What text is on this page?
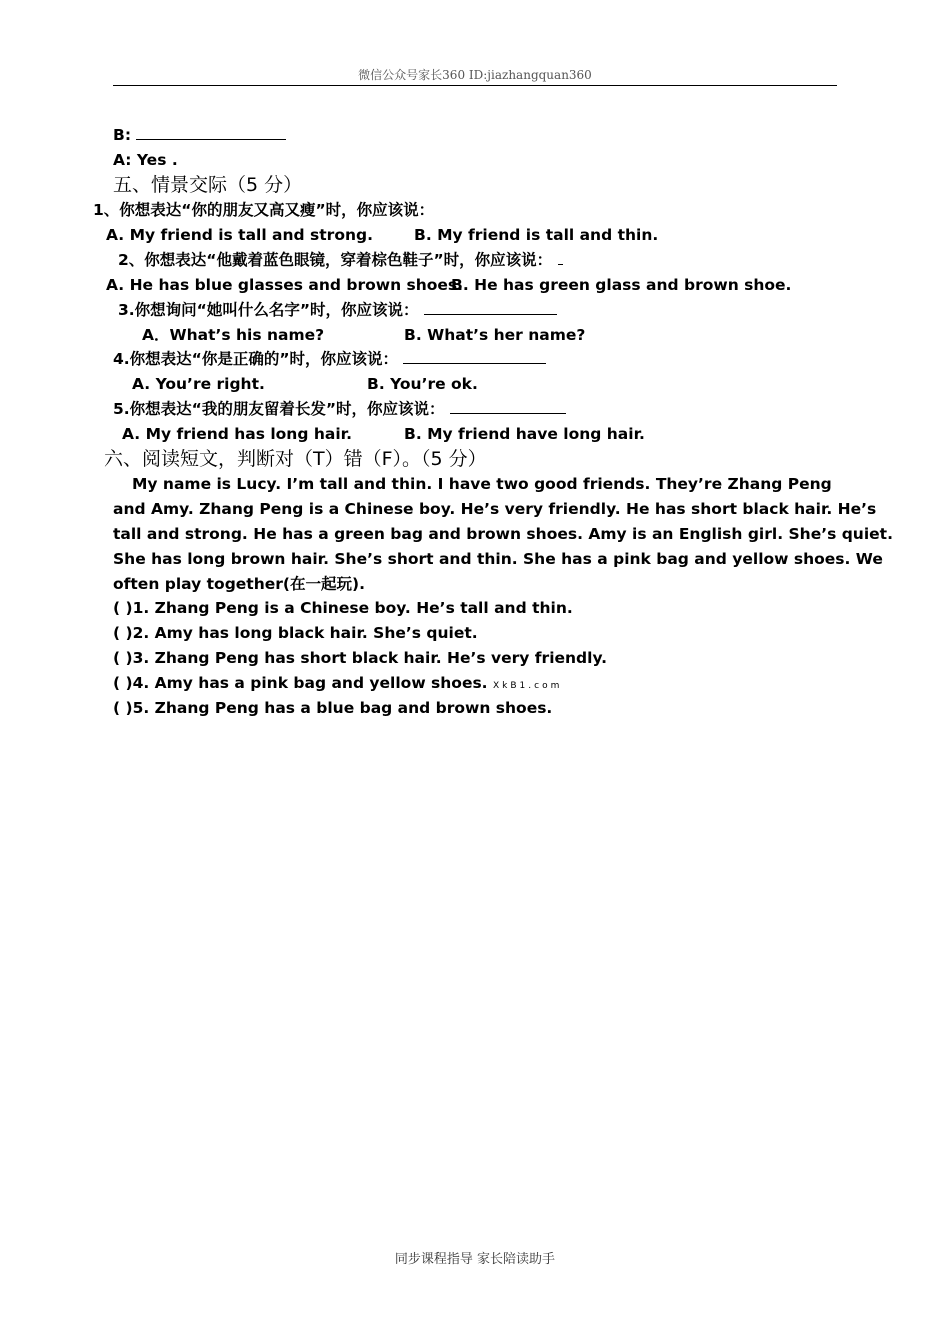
微信公众号家长360 ID:jiazhangquan360
B:
A: Yes .
五、情景交际（5 分）
1、你想表达“你的朋友又高又瘦”时，你应该说：
A. My friend is tall and strong.	B. My friend is tall and thin.
2、你想表达“他戴着蓝色眼镜，穿着棕色鞋子”时，你应该说：
A. He has blue glasses and brown shoes.
B. He has green glass and brown shoe.
3.你想询问“她叫什么名字”时，你应该说：
A．What’s his name?	B. What’s her name?
4.你想表达“你是正确的”时，你应该说：
A. You’re right.	B. You’re ok.
5.你想表达“我的朋友留着长发”时，你应该说：
A. My friend has long hair.	B. My friend have long hair.
六、阅读短文，判断对（T）错（F）。（5 分）
My name is Lucy. I’m tall and thin. I have two good friends. They’re Zhang Peng
and Amy. Zhang Peng is a Chinese boy. He’s very friendly. He has short black hair. He’s
tall and strong. He has a green bag and brown shoes. Amy is an English girl. She’s quiet.
She has long brown hair. She’s short and thin. She has a pink bag and yellow shoes. We
often play together(在一起玩).
( )1. Zhang Peng is a Chinese boy. He’s tall and thin.
( )2. Amy has long black hair. She’s quiet.
( )3. Zhang Peng has short black hair. He’s very friendly.
( )4. Amy has a pink bag and yellow shoes. XkB1.com
( )5. Zhang Peng has a blue bag and brown shoes.
同步课程指导 家长陪读助手
